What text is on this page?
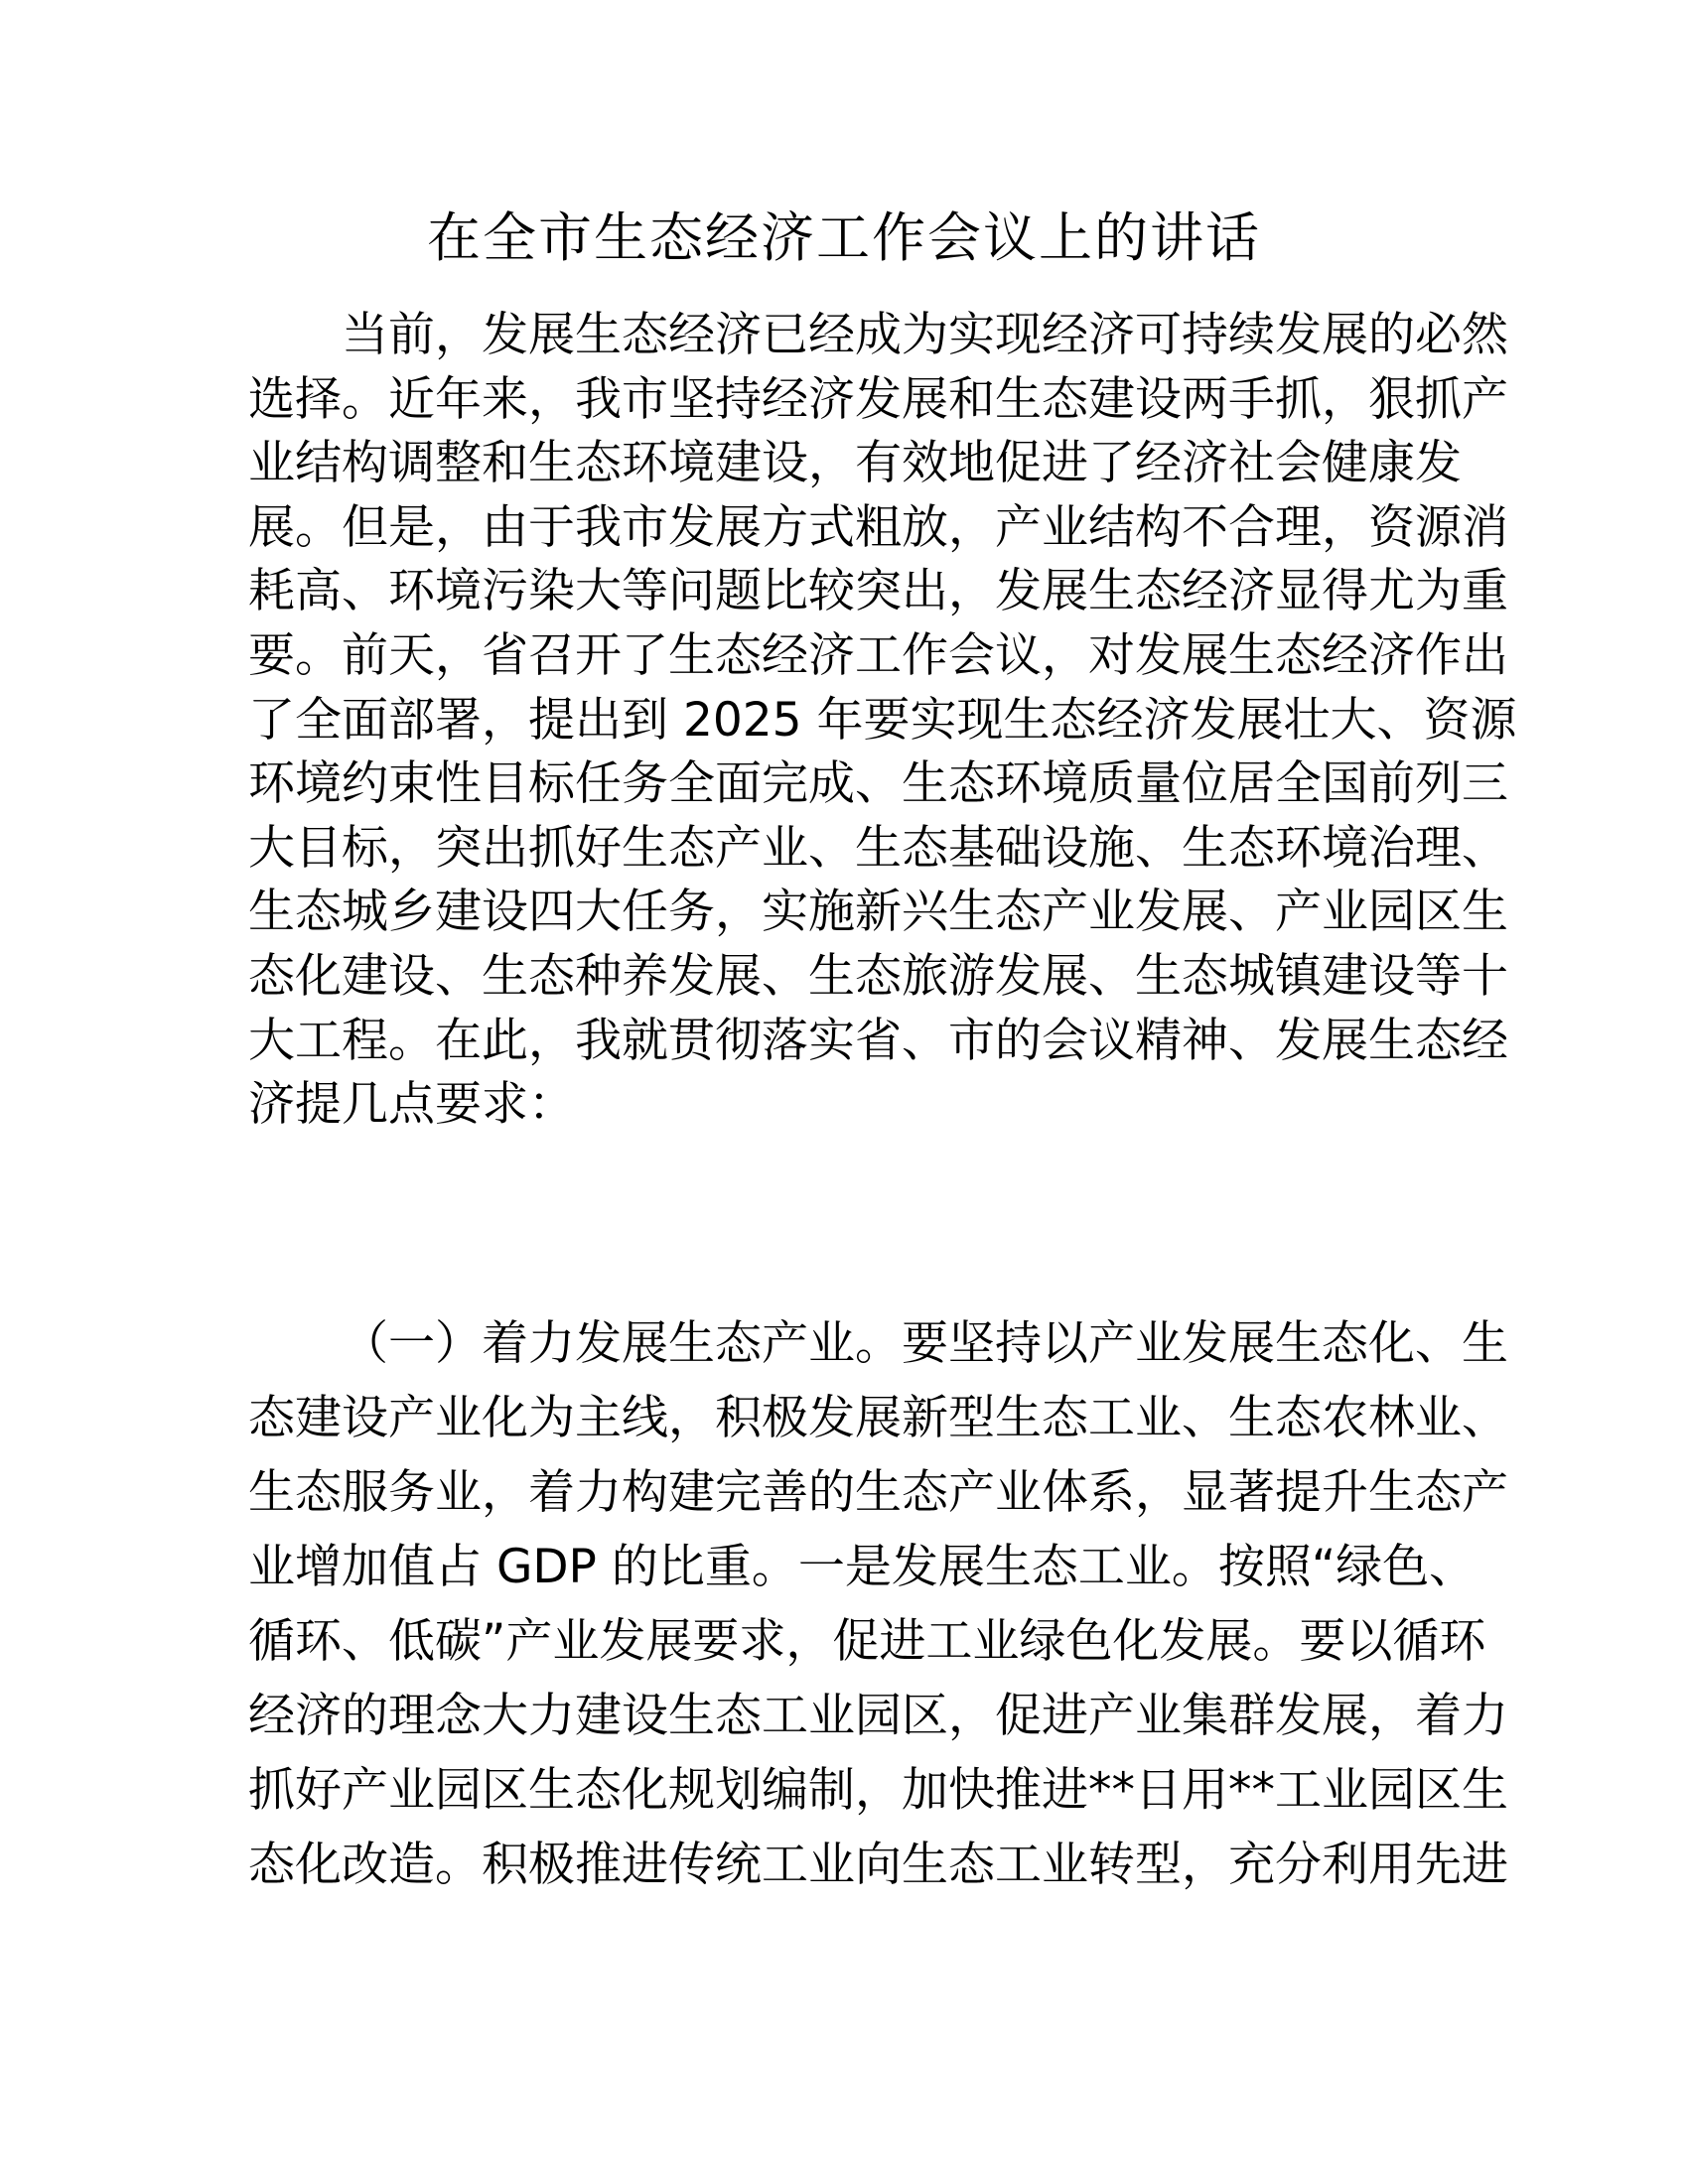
在全市生态经济工作会议上的讲话
当前，发展生态经济已经成为实现经济可持续发展的必然
选择。近年来，我市坚持经济发展和生态建设两手抓，狠抓产
业结构调整和生态环境建设，有效地促进了经济社会健康发
展。但是，由于我市发展方式粗放，产业结构不合理，资源消
耗高、环境污染大等问题比较突出，发展生态经济显得尤为重
要。前天，省召开了生态经济工作会议，对发展生态经济作出
了全面部署，提出到 2025 年要实现生态经济发展壮大、资源
环境约束性目标任务全面完成、生态环境质量位居全国前列三
大目标，突出抓好生态产业、生态基础设施、生态环境治理、
生态城乡建设四大任务，实施新兴生态产业发展、产业园区生
态化建设、生态种养发展、生态旅游发展、生态城镇建设等十
大工程。在此，我就贯彻落实省、市的会议精神、发展生态经
济提几点要求：
（一）着力发展生态产业。要坚持以产业发展生态化、生
态建设产业化为主线，积极发展新型生态工业、生态农林业、
生态服务业，着力构建完善的生态产业体系，显著提升生态产
业增加值占 GDP 的比重。一是发展生态工业。按照“绿色、
循环、低碳”产业发展要求，促进工业绿色化发展。要以循环
经济的理念大力建设生态工业园区，促进产业集群发展，着力
抓好产业园区生态化规划编制，加快推进**日用**工业园区生
态化改造。积极推进传统工业向生态工业转型，充分利用先进
